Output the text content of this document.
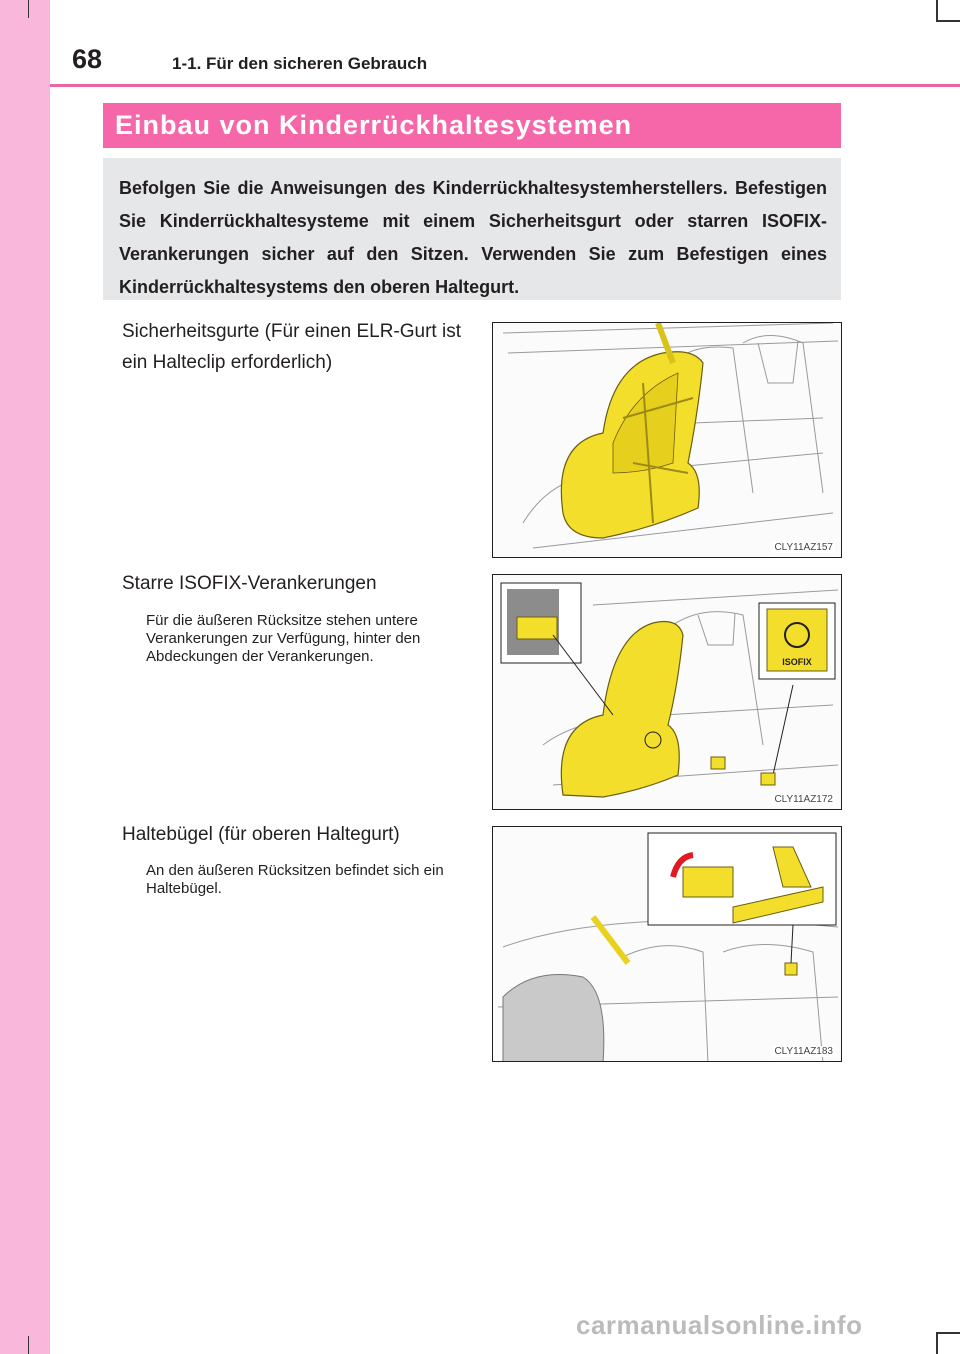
68	1-1. Für den sicheren Gebrauch
Einbau von Kinderrückhaltesystemen
Befolgen Sie die Anweisungen des Kinderrückhaltesystemherstellers. Befestigen Sie Kinderrückhaltesysteme mit einem Sicherheitsgurt oder starren ISOFIX-Verankerungen sicher auf den Sitzen. Verwenden Sie zum Befestigen eines Kinderrückhaltesystems den oberen Haltegurt.
Sicherheitsgurte (Für einen ELR-Gurt ist ein Halteclip erforderlich)
CLY11AZ157
Starre ISOFIX-Verankerungen
Für die äußeren Rücksitze stehen untere Verankerungen zur Verfügung, hinter den Abdeckungen der Verankerungen.	ISOFIX
CLY11AZ172
Haltebügel (für oberen Haltegurt)
An den äußeren Rücksitzen befindet sich ein Haltebügel.
CLY11AZ183
carmanualsonline.info
